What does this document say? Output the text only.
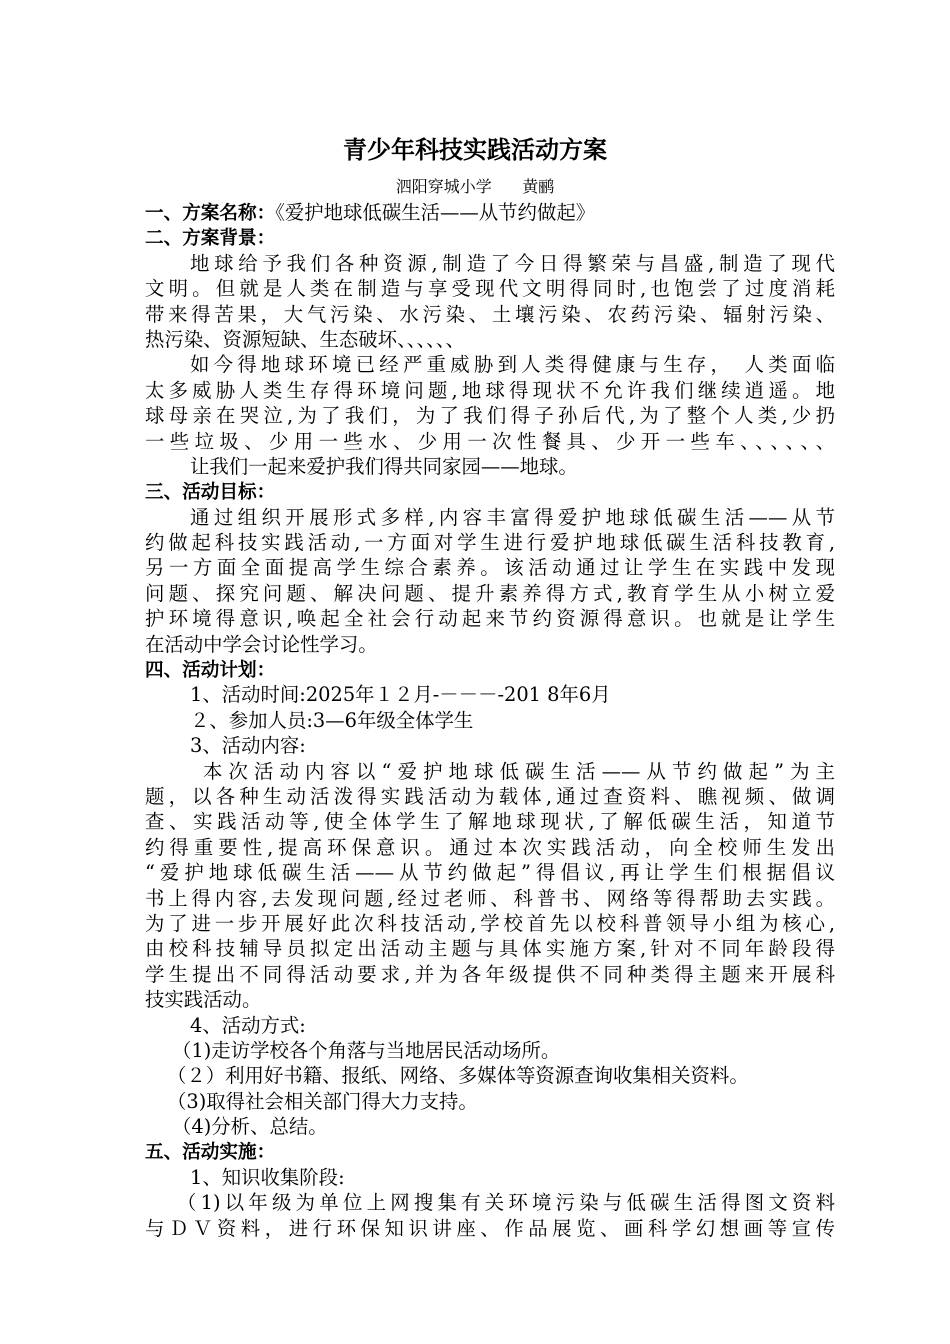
青少年科技实践活动方案
泗阳穿城小学      黄鹂
一、方案名称：《爱护地球低碳生活——从节约做起》
二、方案背景：
地球给予我们各种资源,制造了今日得繁荣与昌盛,制造了现代
文明。但就是人类在制造与享受现代文明得同时,也饱尝了过度消耗
带来得苦果，大气污染、水污染、土壤污染、农药污染、辐射污染、
热污染、资源短缺、生态破坏、、、、、、
如今得地球环境已经严重威胁到人类得健康与生存， 人类面临
太多威胁人类生存得环境问题,地球得现状不允许我们继续逍遥。地
球母亲在哭泣,为了我们，为了我们得子孙后代,为了整个人类,少扔
一些垃圾、少用一些水、少用一次性餐具、少开一些车、、、、、、
让我们一起来爱护我们得共同家园——地球。
三、活动目标：
通过组织开展形式多样,内容丰富得爱护地球低碳生活——从节
约做起科技实践活动,一方面对学生进行爱护地球低碳生活科技教育,
另一方面全面提高学生综合素养。该活动通过让学生在实践中发现
问题、探究问题、解决问题、提升素养得方式,教育学生从小树立爱
护环境得意识,唤起全社会行动起来节约资源得意识。也就是让学生
在活动中学会讨论性学习。
四、活动计划：
1、活动时间:2025年１２月-－－－-201 8年6月
２、参加人员:3—6年级全体学生
3、活动内容:
本次活动内容以“爱护地球低碳生活——从节约做起”为主
题，以各种生动活泼得实践活动为载体,通过查资料、瞧视频、做调
查、实践活动等,使全体学生了解地球现状,了解低碳生活，知道节
约得重要性,提高环保意识。通过本次实践活动，向全校师生发出
“爱护地球低碳生活——从节约做起”得倡议,再让学生们根据倡议
书上得内容,去发现问题,经过老师、科普书、网络等得帮助去实践。
为了进一步开展好此次科技活动,学校首先以校科普领导小组为核心,
由校科技辅导员拟定出活动主题与具体实施方案,针对不同年龄段得
学生提出不同得活动要求,并为各年级提供不同种类得主题来开展科
技实践活动。
4、活动方式:
（1)走访学校各个角落与当地居民活动场所。
（２）利用好书籍、报纸、网络、多媒体等资源查询收集相关资料。
（3)取得社会相关部门得大力支持。
（4)分析、总结。
五、活动实施：
1、知识收集阶段:
（1)以年级为单位上网搜集有关环境污染与低碳生活得图文资料
与ＤＶ资料，进行环保知识讲座、作品展览、画科学幻想画等宣传
